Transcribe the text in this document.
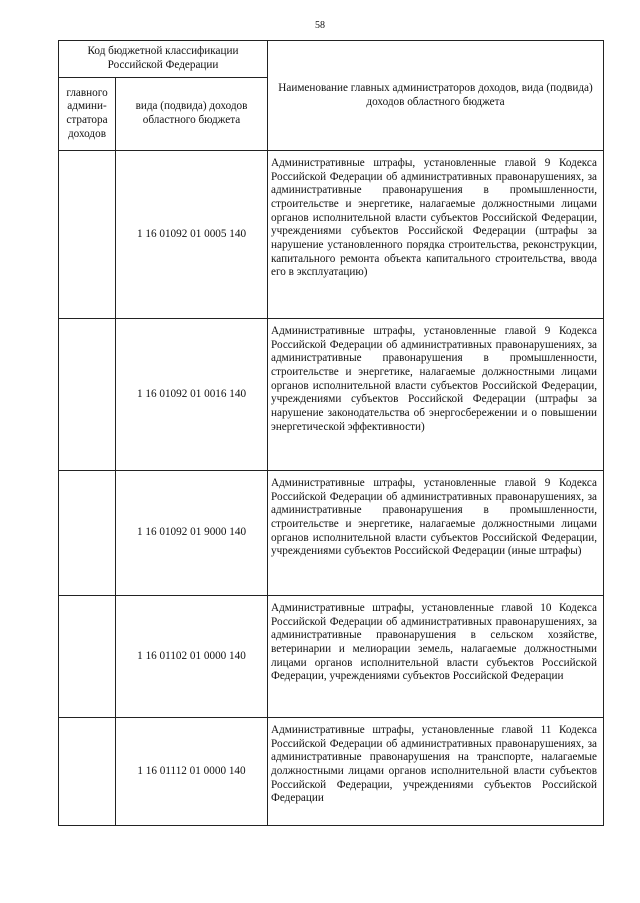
58
Код бюджетной классификации Российской Федерации		Наименование главных администраторов доходов, вида (подвида) доходов областного бюджета
главного админи-стратора доходов	вида (подвида) доходов областного бюджета	
	1 16 01092 01 0005 140	Административные штрафы, установленные главой 9 Кодекса Российской Федерации об административных правонарушениях, за административные правонарушения в промышленности, строительстве и энергетике, налагаемые должностными лицами органов исполнительной власти субъектов Российской Федерации, учреждениями субъектов Российской Федерации (штрафы за нарушение установленного порядка строительства, реконструкции, капитального ремонта объекта капитального строительства, ввода его в эксплуатацию)

	1 16 01092 01 0016 140	Административные штрафы, установленные главой 9 Кодекса Российской Федерации об административных правонарушениях, за административные правонарушения в промышленности, строительстве и энергетике, налагаемые должностными лицами органов исполнительной власти субъектов Российской Федерации, учреждениями субъектов Российской Федерации (штрафы за нарушение законодательства об энергосбережении и о повышении энергетической эффективности)

	1 16 01092 01 9000 140	Административные штрафы, установленные главой 9 Кодекса Российской Федерации об административных правонарушениях, за административные правонарушения в промышленности, строительстве и энергетике, налагаемые должностными лицами органов исполнительной власти субъектов Российской Федерации, учреждениями субъектов Российской Федерации (иные штрафы)

	1 16 01102 01 0000 140	Административные штрафы, установленные главой 10 Кодекса Российской Федерации об административных правонарушениях, за административные правонарушения в сельском хозяйстве, ветеринарии и мелиорации земель, налагаемые должностными лицами органов исполнительной власти субъектов Российской Федерации, учреждениями субъектов Российской Федерации

	1 16 01112 01 0000 140	Административные штрафы, установленные главой 11 Кодекса Российской Федерации об административных правонарушениях, за административные правонарушения на транспорте, налагаемые должностными лицами органов исполнительной власти субъектов Российской Федерации, учреждениями субъектов Российской Федерации
